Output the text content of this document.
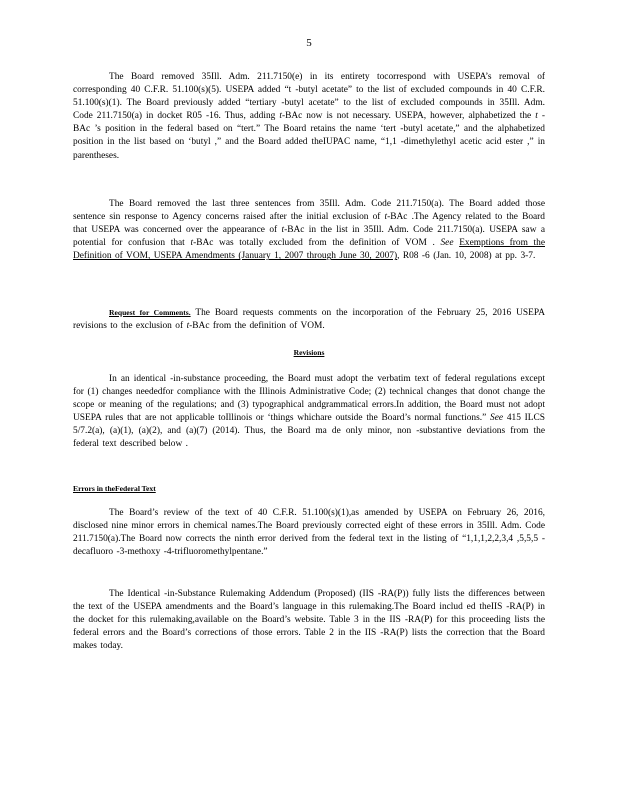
5
The Board removed 35Ill. Adm. 211.7150(e) in its entirety tocorrespond with USEPA’s removal of corresponding 40 C.F.R. 51.100(s)(5). USEPA added “t -butyl acetate” to the list of excluded compounds in 40 C.F.R. 51.100(s)(1). The Board previously added “tertiary -butyl acetate” to the list of excluded compounds in 35Ill. Adm. Code 211.7150(a) in docket R05 -16. Thus, adding t-BAc now is not necessary. USEPA, however, alphabetized the t -BAc ’s position in the federal based on “tert.” The Board retains the name ‘tert -butyl acetate,” and the alphabetized position in the list based on ‘butyl ,” and the Board added theIUPAC name, “1,1 -dimethylethyl acetic acid ester ,” in parentheses.
The Board removed the last three sentences from 35Ill. Adm. Code 211.7150(a). The Board added those sentence sin response to Agency concerns raised after the initial exclusion of t-BAc .The Agency related to the Board that USEPA was concerned over the appearance of t-BAc in the list in 35Ill. Adm. Code 211.7150(a). USEPA saw a potential for confusion that t-BAc was totally excluded from the definition of VOM . See Exemptions from the Definition of VOM, USEPA Amendments (January 1, 2007 through June 30, 2007), R08 -6 (Jan. 10, 2008) at pp. 3-7.
Request for Comments. The Board requests comments on the incorporation of the February 25, 2016 USEPA revisions to the exclusion of t-BAc from the definition of VOM.
Revisions
In an identical -in-substance proceeding, the Board must adopt the verbatim text of federal regulations except for (1) changes neededfor compliance with the Illinois Administrative Code; (2) technical changes that donot change the scope or meaning of the regulations; and (3) typographical andgrammatical errors.In addition, the Board must not adopt USEPA rules that are not applicable toIllinois or ‘things whichare outside the Board’s normal functions.” See 415 ILCS 5/7.2(a), (a)(1), (a)(2), and (a)(7) (2014). Thus, the Board ma de only minor, non -substantive deviations from the federal text described below .
Errors in theFederal Text
The Board’s review of the text of 40 C.F.R. 51.100(s)(1),as amended by USEPA on February 26, 2016, disclosed nine minor errors in chemical names.The Board previously corrected eight of these errors in 35Ill. Adm. Code 211.7150(a).The Board now corrects the ninth error derived from the federal text in the listing of “1,1,1,2,2,3,4 ,5,5,5 -decafluoro -3-methoxy -4-trifluoromethylpentane.”
The Identical -in-Substance Rulemaking Addendum (Proposed) (IIS -RA(P)) fully lists the differences between the text of the USEPA amendments and the Board’s language in this rulemaking.The Board includ ed theIIS -RA(P) in the docket for this rulemaking,available on the Board’s website. Table 3 in the IIS -RA(P) for this proceeding lists the federal errors and the Board’s corrections of those errors. Table 2 in the IIS -RA(P) lists the correction that the Board makes today.
